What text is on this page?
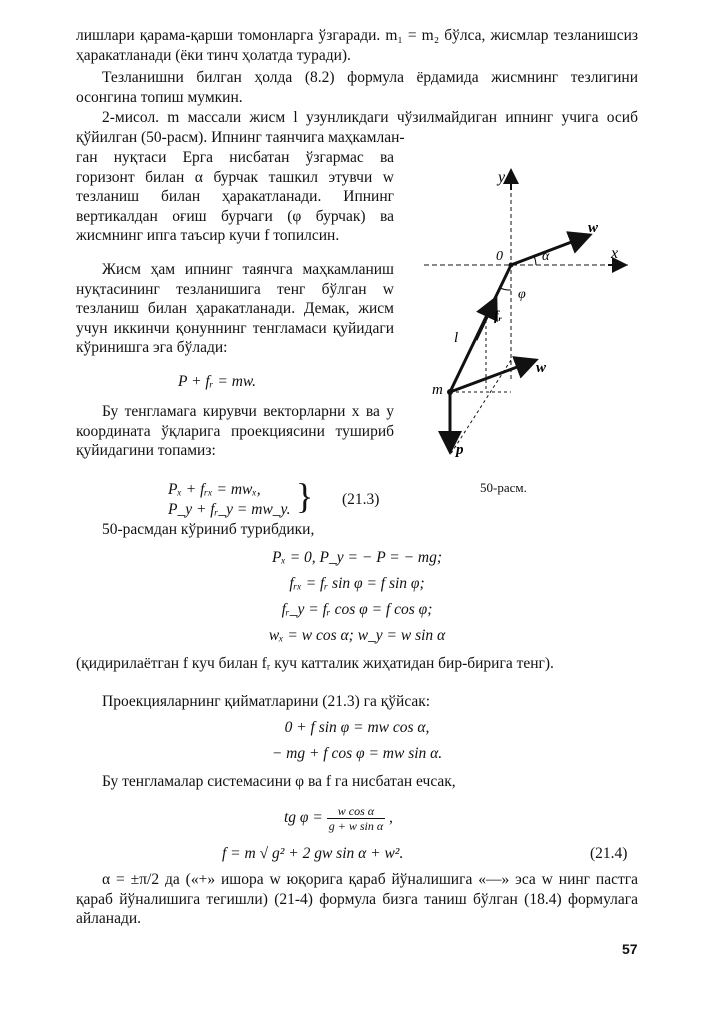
лишлари қарама-қарши томонларга ўзгаради. m₁ = m₂ бўлса, жисмлар тезланишсиз ҳаракатланади (ёки тинч ҳолатда туради).

Тезланишни билган ҳолда (8.2) формула ёрдамида жисмнинг тезлигини осонгина топиш мумкин.

2-мисол. m массали жисм l узунликдаги чўзилмайдиган ипнинг учига осиб қўйилган (50-расм). Ипнинг таянчига маҳкамлан-

ган нуқтаси Ерга нисбатан ўзгармас ва горизонт билан α бурчак ташкил этувчи w тезланиш билан ҳаракатланади. Ипнинг вертикалдан оғиш бурчаги (φ бурчак) ва жисмнинг ипга таъсир кучи f топилсин.

Жисм ҳам ипнинг таянчга маҳкамланиш нуқтасининг тезланишига тенг бўлган w тезланиш билан ҳаракатланади. Демак, жисм учун иккинчи қонуннинг тенгламаси қуйидаги кўринишга эга бўлади:

P + fᵣ = mw.

Бу тенгламага кирувчи векторларни x ва y координата ўқларига проекциясини тушириб қуйидагини топамиз:

Pₓ + fᵣₓ = mwₓ,
P_y + fᵣ_y = mw_y. } (21.3)

50-расмдан кўриниб турибдики,

Pₓ = 0, P_y = − P = − mg;
fᵣₓ = fᵣ sin φ = f sin φ;
fᵣ_y = fᵣ cos φ = f cos φ;
wₓ = w cos α; w_y = w sin α

(қидирилаётган f куч билан fᵣ куч катталик жиҳатидан бир-бирига тенг).

Проекцияларнинг қийматларини (21.3) га қўйсак:

0 + f sin φ = mw cos α,
− mg + f cos φ = mw sin α.

Бу тенгламалар системасини φ ва f га нисбатан ечсак,

tg $\varphi = \frac{\text{w cos α}}{\text{g + w sin α}}$ ,
f = m √ g² + 2 gw sin α + w².	(21.4)

α = ±π/2 да («+» ишора w юқорига қараб йўналишига «—» эса w нинг пастга қараб йўналишига тегишли) (21-4) формула бизга таниш бўлган (18.4) формулага айланади.

y
x
0	α
φ
w
w
l
fᵣ
m
p
50-расм.
57
